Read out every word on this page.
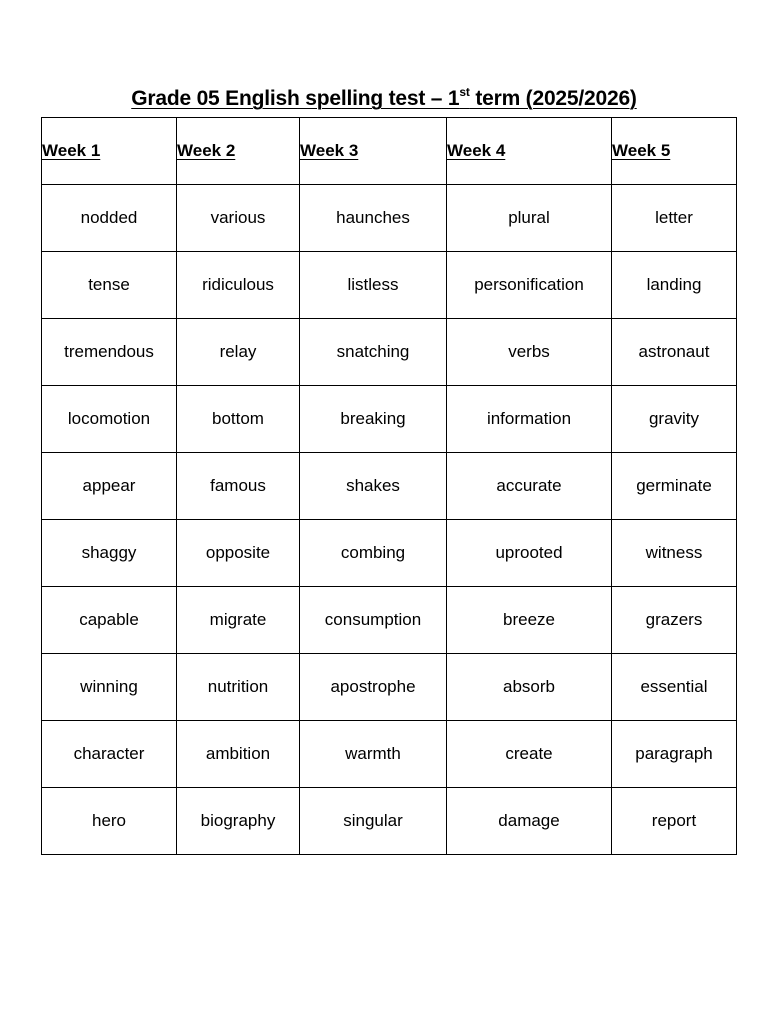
Grade 05 English spelling test – 1st term (2025/2026)
Week 1	Week 2	Week 3	Week 4	Week 5
nodded	various	haunches	plural	letter
tense	ridiculous	listless	personification	landing
tremendous	relay	snatching	verbs	astronaut
locomotion	bottom	breaking	information	gravity
appear	famous	shakes	accurate	germinate
shaggy	opposite	combing	uprooted	witness
capable	migrate	consumption	breeze	grazers
winning	nutrition	apostrophe	absorb	essential
character	ambition	warmth	create	paragraph
hero	biography	singular	damage	report
